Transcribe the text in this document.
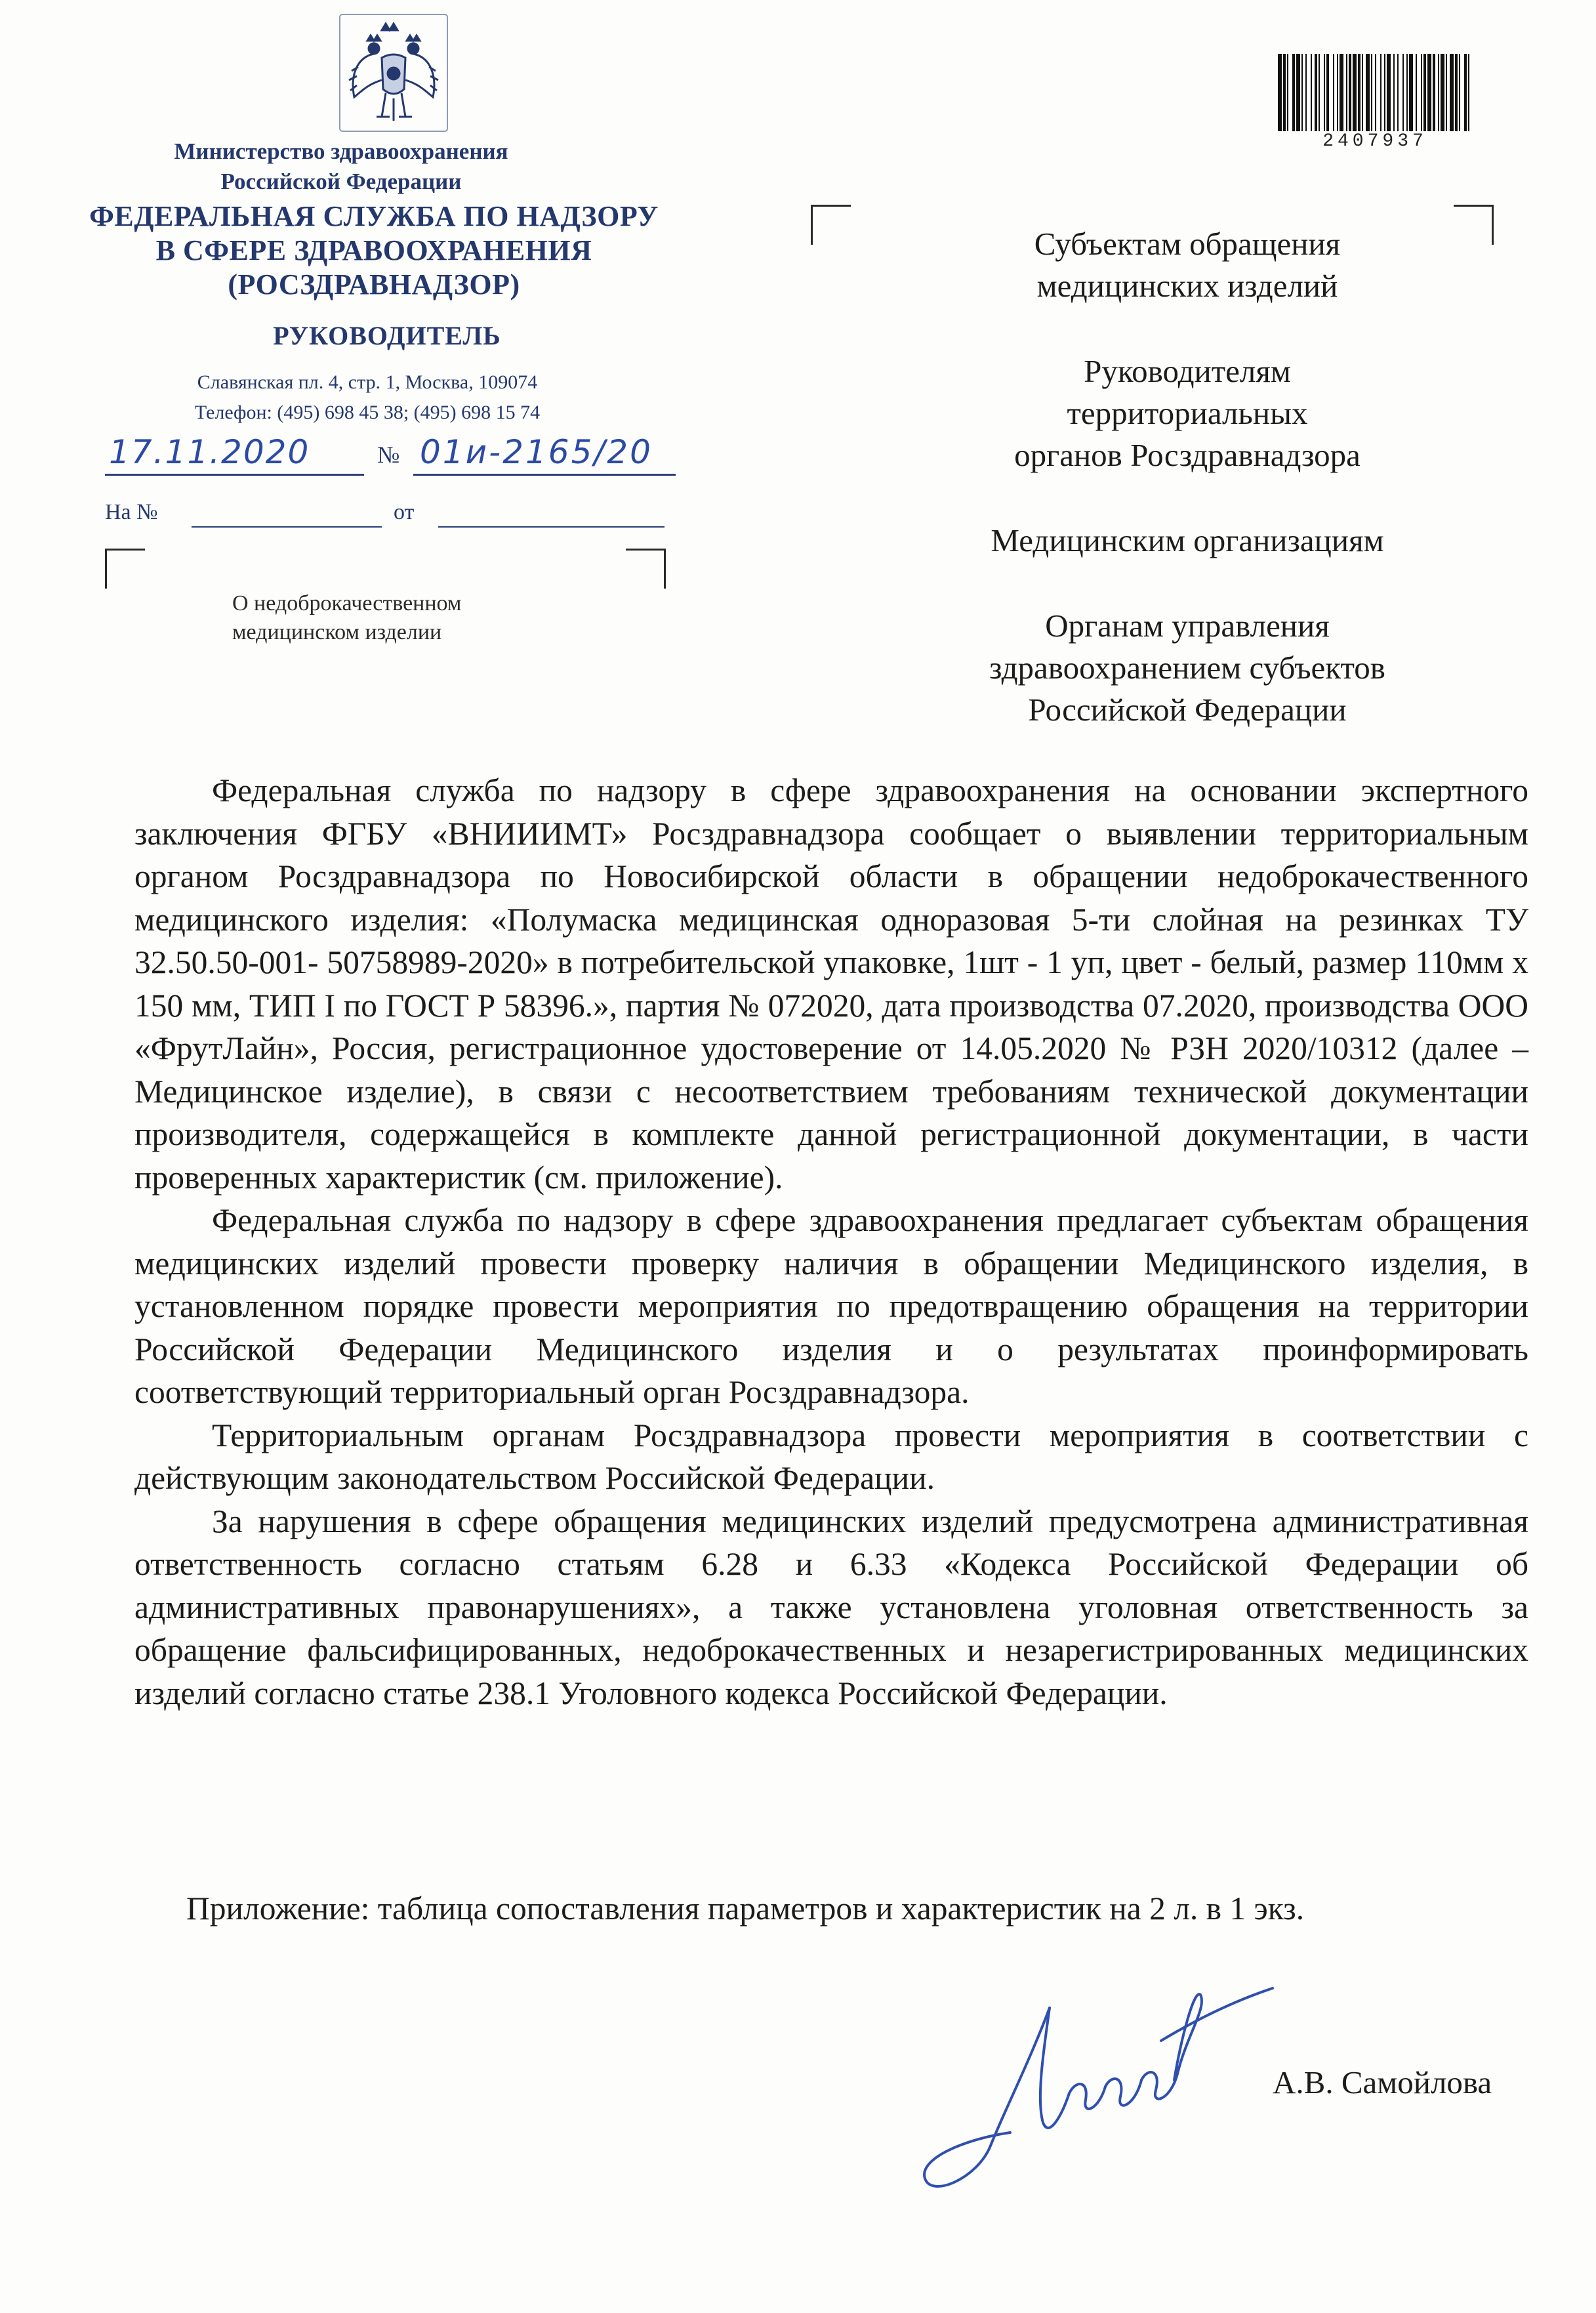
Министерство здравоохранения
Российской Федерации
ФЕДЕРАЛЬНАЯ СЛУЖБА ПО НАДЗОРУ
В СФЕРЕ ЗДРАВООХРАНЕНИЯ
(РОСЗДРАВНАДЗОР)
РУКОВОДИТЕЛЬ
Славянская пл. 4, стр. 1, Москва, 109074
Телефон: (495) 698 45 38; (495) 698 15 74
17.11.2020	№ 01и-2165/20
На №	от
О недоброкачественном
медицинском изделии
2407937
Субъектам обращения
медицинских изделий
Руководителям
территориальных
органов Росздравнадзора
Медицинским организациям
Органам управления
здравоохранением субъектов
Российской Федерации

Федеральная служба по надзору в сфере здравоохранения на основании экспертного заключения ФГБУ «ВНИИИМТ» Росздравнадзора сообщает о выявлении территориальным органом Росздравнадзора по Новосибирской области в обращении недоброкачественного медицинского изделия: «Полумаска медицинская одноразовая 5-ти слойная на резинках ТУ 32.50.50-001- 50758989-2020» в потребительской упаковке, 1шт - 1 уп, цвет - белый, размер 110мм х 150 мм, ТИП I по ГОСТ Р 58396.», партия № 072020, дата производства 07.2020, производства ООО «ФрутЛайн», Россия, регистрационное удостоверение от 14.05.2020 № РЗН 2020/10312 (далее – Медицинское изделие), в связи с несоответствием требованиям технической документации производителя, содержащейся в комплекте данной регистрационной документации, в части проверенных характеристик (см. приложение).

Федеральная служба по надзору в сфере здравоохранения предлагает субъектам обращения медицинских изделий провести проверку наличия в обращении Медицинского изделия, в установленном порядке провести мероприятия по предотвращению обращения на территории Российской Федерации Медицинского изделия и о результатах проинформировать соответствующий территориальный орган Росздравнадзора.

Территориальным органам Росздравнадзора провести мероприятия в соответствии с действующим законодательством Российской Федерации.

За нарушения в сфере обращения медицинских изделий предусмотрена административная ответственность согласно статьям 6.28 и 6.33 «Кодекса Российской Федерации об административных правонарушениях», а также установлена уголовная ответственность за обращение фальсифицированных, недоброкачественных и незарегистрированных медицинских изделий согласно статье 238.1 Уголовного кодекса Российской Федерации.

Приложение: таблица сопоставления параметров и характеристик на 2 л. в 1 экз.
А.В. Самойлова
